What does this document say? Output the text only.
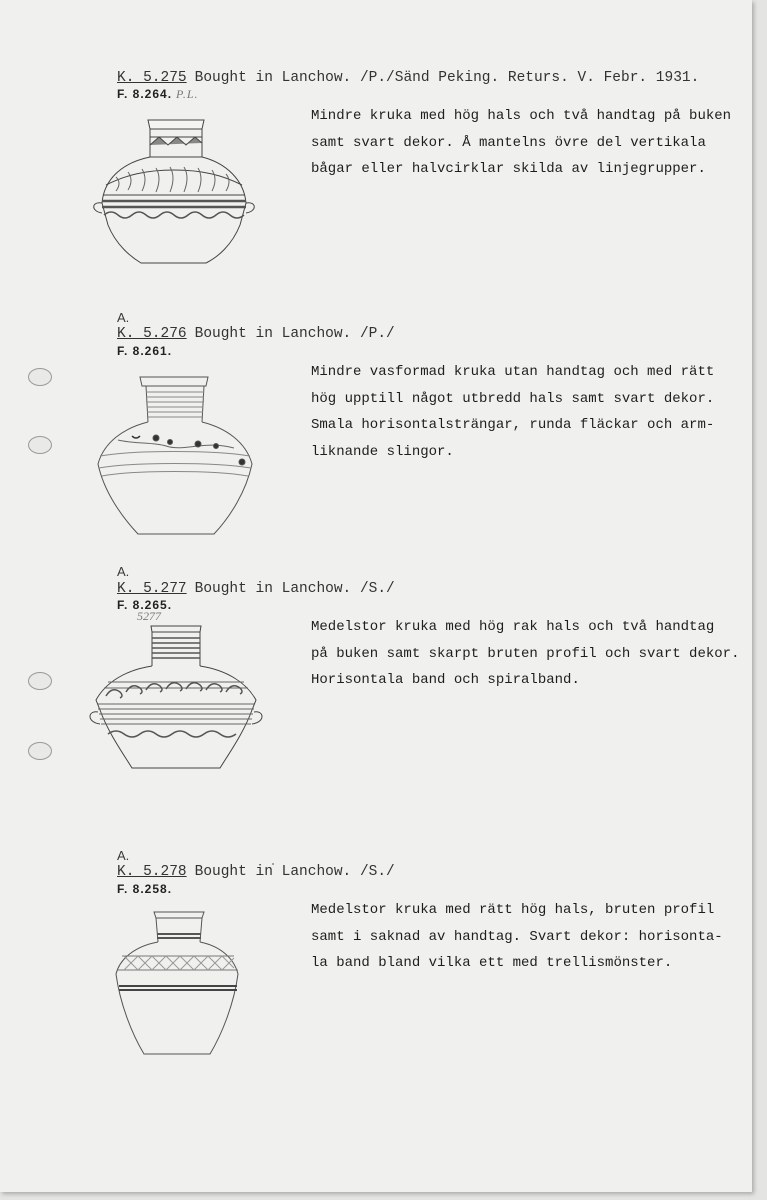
K. 5.275 Bought in Lanchow. /P./Sänd Peking. Returs. V. Febr. 1931.
F. 8.264. P.L.
Mindre kruka med hög hals och två handtag på buken
samt svart dekor. Å mantelns övre del vertikala
bågar eller halvcirklar skilda av linjegrupper.
A.
K. 5.276 Bought in Lanchow. /P./
F. 8.261.
Mindre vasformad kruka utan handtag och med rätt
hög upptill något utbredd hals samt svart dekor.
Smala horisontalsträngar, runda fläckar och arm-
liknande slingor.
A.
K. 5.277 Bought in Lanchow. /S./
F. 8.265.
5277
Medelstor kruka med hög rak hals och två handtag
på buken samt skarpt bruten profil och svart dekor.
Horisontala band och spiralband.
A.
K. 5.278 Bought in Lanchow. /S./
F. 8.258.
Medelstor kruka med rätt hög hals, bruten profil
samt i saknad av handtag. Svart dekor: horisonta-
la band bland vilka ett med trellismönster.
